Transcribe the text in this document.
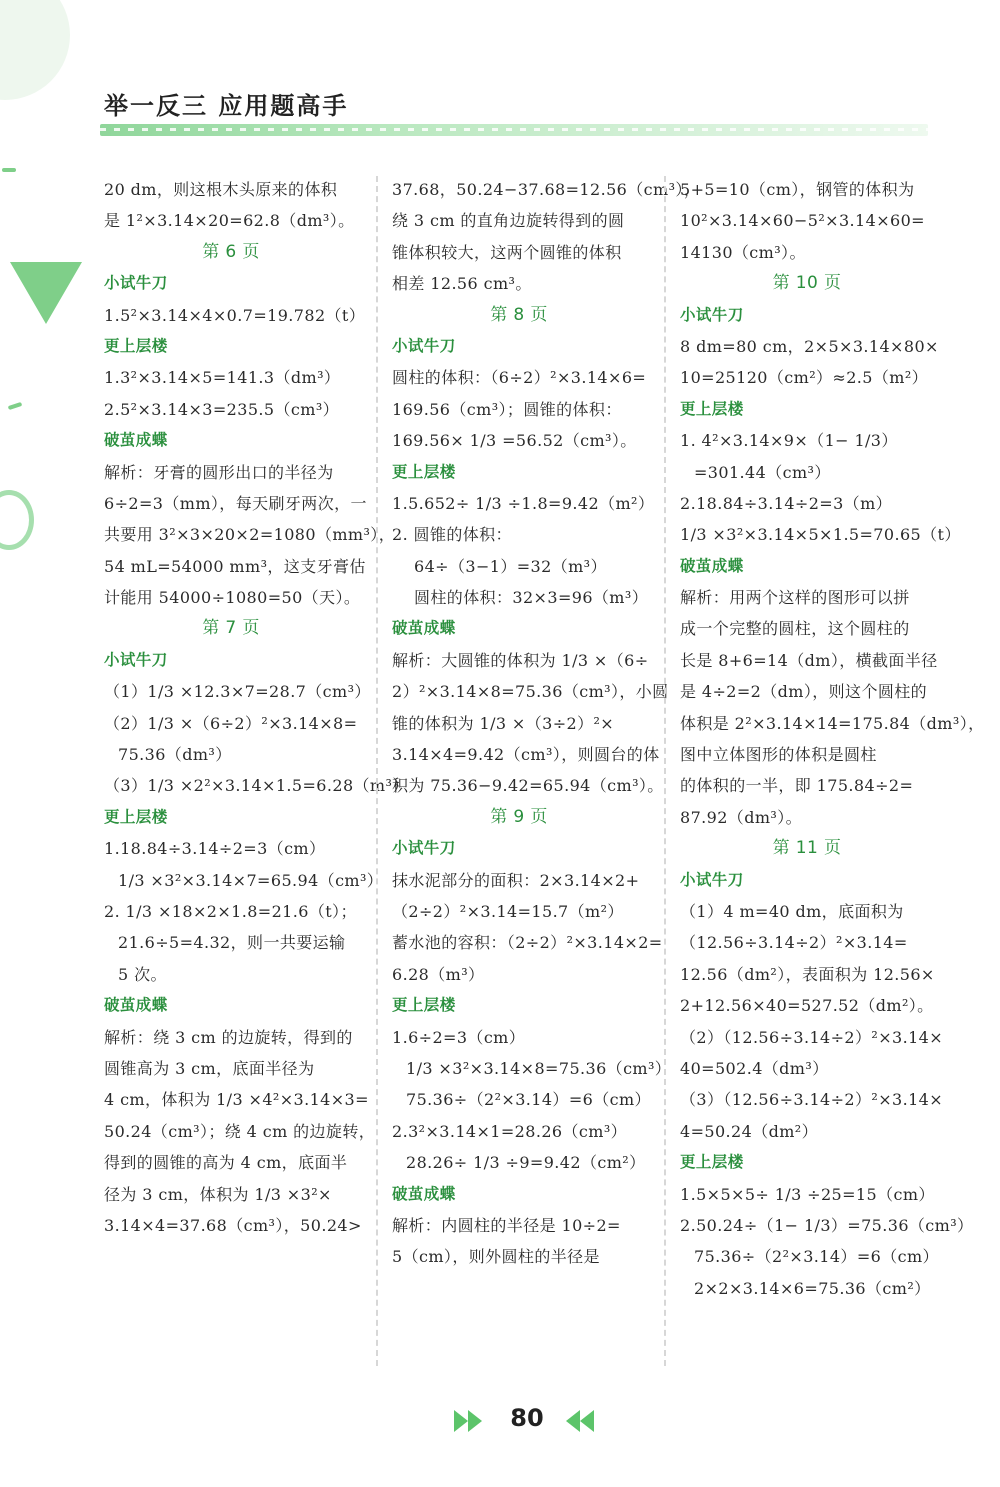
举一反三 应用题高手
20 dm，则这根木头原来的体积
是 1²×3.14×20=62.8（dm³）。
第 6 页
小试牛刀
1.5²×3.14×4×0.7=19.782（t）
更上层楼
1.3²×3.14×5=141.3（dm³）
2.5²×3.14×3=235.5（cm³）
破茧成蝶
解析：牙膏的圆形出口的半径为
6÷2=3（mm），每天刷牙两次，一
共要用 3²×3×20×2=1080（mm³），
54 mL=54000 mm³，这支牙膏估
计能用 54000÷1080=50（天）。
第 7 页
小试牛刀
（1）1/3 ×12.3×7=28.7（cm³）
（2）1/3 ×（6÷2）²×3.14×8=
75.36（dm³）
（3）1/3 ×2²×3.14×1.5=6.28（m³）
更上层楼
1.18.84÷3.14÷2=3（cm）
1/3 ×3²×3.14×7=65.94（cm³）
2. 1/3 ×18×2×1.8=21.6（t）；
21.6÷5=4.32，则一共要运输
5 次。
破茧成蝶
解析：绕 3 cm 的边旋转，得到的
圆锥高为 3 cm，底面半径为
4 cm，体积为 1/3 ×4²×3.14×3=
50.24（cm³）；绕 4 cm 的边旋转，
得到的圆锥的高为 4 cm，底面半
径为 3 cm，体积为 1/3 ×3²×
3.14×4=37.68（cm³），50.24>
37.68，50.24−37.68=12.56（cm³），
绕 3 cm 的直角边旋转得到的圆
锥体积较大，这两个圆锥的体积
相差 12.56 cm³。
第 8 页
小试牛刀
圆柱的体积：（6÷2）²×3.14×6=
169.56（cm³）；圆锥的体积：
169.56× 1/3 =56.52（cm³）。
更上层楼
1.5.652÷ 1/3 ÷1.8=9.42（m²）
2. 圆锥的体积：
64÷（3−1）=32（m³）
圆柱的体积：32×3=96（m³）
破茧成蝶
解析：大圆锥的体积为 1/3 ×（6÷
2）²×3.14×8=75.36（cm³），小圆
锥的体积为 1/3 ×（3÷2）²×
3.14×4=9.42（cm³），则圆台的体
积为 75.36−9.42=65.94（cm³）。
第 9 页
小试牛刀
抹水泥部分的面积：2×3.14×2+
（2÷2）²×3.14=15.7（m²）
蓄水池的容积：（2÷2）²×3.14×2=
6.28（m³）
更上层楼
1.6÷2=3（cm）
1/3 ×3²×3.14×8=75.36（cm³）
75.36÷（2²×3.14）=6（cm）
2.3²×3.14×1=28.26（cm³）
28.26÷ 1/3 ÷9=9.42（cm²）
破茧成蝶
解析：内圆柱的半径是 10÷2=
5（cm），则外圆柱的半径是
5+5=10（cm），钢管的体积为
10²×3.14×60−5²×3.14×60=
14130（cm³）。
第 10 页
小试牛刀
8 dm=80 cm，2×5×3.14×80×
10=25120（cm²）≈2.5（m²）
更上层楼
1. 4²×3.14×9×（1− 1/3）
=301.44（cm³）
2.18.84÷3.14÷2=3（m）
1/3 ×3²×3.14×5×1.5=70.65（t）
破茧成蝶
解析：用两个这样的图形可以拼
成一个完整的圆柱，这个圆柱的
长是 8+6=14（dm），横截面半径
是 4÷2=2（dm），则这个圆柱的
体积是 2²×3.14×14=175.84（dm³），
图中立体图形的体积是圆柱
的体积的一半，即 175.84÷2=
87.92（dm³）。
第 11 页
小试牛刀
（1）4 m=40 dm，底面积为
（12.56÷3.14÷2）²×3.14=
12.56（dm²），表面积为 12.56×
2+12.56×40=527.52（dm²）。
（2）（12.56÷3.14÷2）²×3.14×
40=502.4（dm³）
（3）（12.56÷3.14÷2）²×3.14×
4=50.24（dm²）
更上层楼
1.5×5×5÷ 1/3 ÷25=15（cm）
2.50.24÷（1− 1/3）=75.36（cm³）
75.36÷（2²×3.14）=6（cm）
2×2×3.14×6=75.36（cm²）
80
